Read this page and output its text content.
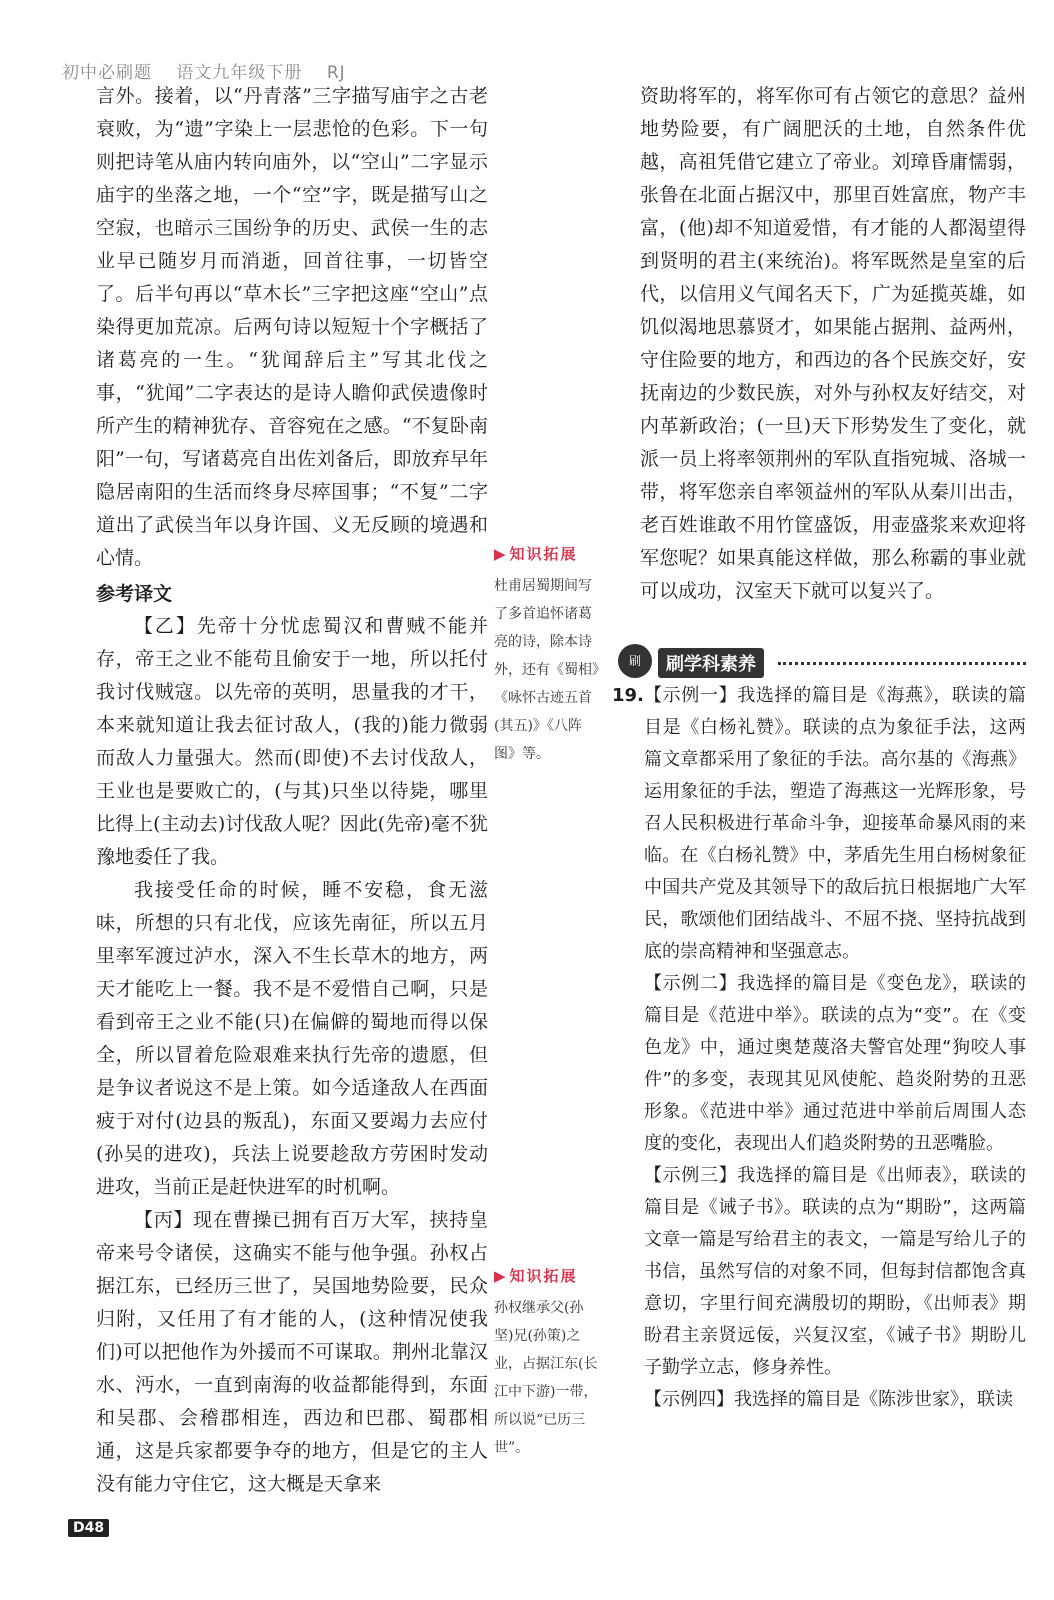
初中必刷题 语文九年级下册 RJ

言外。接着，以“丹青落”三字描写庙宇之古老衰败，为“遗”字染上一层悲怆的色彩。下一句则把诗笔从庙内转向庙外，以“空山”二字显示庙宇的坐落之地，一个“空”字，既是描写山之空寂，也暗示三国纷争的历史、武侯一生的志业早已随岁月而消逝，回首往事，一切皆空了。后半句再以“草木长”三字把这座“空山”点染得更加荒凉。后两句诗以短短十个字概括了诸葛亮的一生。“犹闻辞后主”写其北伐之事，“犹闻”二字表达的是诗人瞻仰武侯遗像时所产生的精神犹存、音容宛在之感。“不复卧南阳”一句，写诸葛亮自出佐刘备后，即放弃早年隐居南阳的生活而终身尽瘁国事；“不复”二字道出了武侯当年以身许国、义无反顾的境遇和心情。

参考译文

【乙】先帝十分忧虑蜀汉和曹贼不能并存，帝王之业不能苟且偷安于一地，所以托付我讨伐贼寇。以先帝的英明，思量我的才干，本来就知道让我去征讨敌人，(我的)能力微弱而敌人力量强大。然而(即使)不去讨伐敌人，王业也是要败亡的，(与其)只坐以待毙，哪里比得上(主动去)讨伐敌人呢？因此(先帝)毫不犹豫地委任了我。

我接受任命的时候，睡不安稳，食无滋味，所想的只有北伐，应该先南征，所以五月里率军渡过泸水，深入不生长草木的地方，两天才能吃上一餐。我不是不爱惜自己啊，只是看到帝王之业不能(只)在偏僻的蜀地而得以保全，所以冒着危险艰难来执行先帝的遗愿，但是争议者说这不是上策。如今适逢敌人在西面疲于对付(边县的叛乱)，东面又要竭力去应付(孙吴的进攻)，兵法上说要趁敌方劳困时发动进攻，当前正是赶快进军的时机啊。

【丙】现在曹操已拥有百万大军，挟持皇帝来号令诸侯，这确实不能与他争强。孙权占据江东，已经历三世了，吴国地势险要，民众归附，又任用了有才能的人，(这种情况使我们)可以把他作为外援而不可谋取。荆州北靠汉水、沔水，一直到南海的收益都能得到，东面和吴郡、会稽郡相连，西边和巴郡、蜀郡相通，这是兵家都要争夺的地方，但是它的主人没有能力守住它，这大概是天拿来

▶ 知识拓展
杜甫居蜀期间写了多首追怀诸葛亮的诗，除本诗外，还有《蜀相》《咏怀古迹五首(其五)》《八阵图》等。
▶ 知识拓展
孙权继承父(孙坚)兄(孙策)之业，占据江东(长江中下游)一带，所以说“已历三世”。

资助将军的，将军你可有占领它的意思？益州地势险要，有广阔肥沃的土地，自然条件优越，高祖凭借它建立了帝业。刘璋昏庸懦弱，张鲁在北面占据汉中，那里百姓富庶，物产丰富，(他)却不知道爱惜，有才能的人都渴望得到贤明的君主(来统治)。将军既然是皇室的后代，以信用义气闻名天下，广为延揽英雄，如饥似渴地思慕贤才，如果能占据荆、益两州，守住险要的地方，和西边的各个民族交好，安抚南边的少数民族，对外与孙权友好结交，对内革新政治；(一旦)天下形势发生了变化，就派一员上将率领荆州的军队直指宛城、洛城一带，将军您亲自率领益州的军队从秦川出击，老百姓谁敢不用竹筐盛饭，用壶盛浆来欢迎将军您呢？如果真能这样做，那么称霸的事业就可以成功，汉室天下就可以复兴了。

刷	刷学科素养
19. 【示例一】我选择的篇目是《海燕》，联读的篇目是《白杨礼赞》。联读的点为象征手法，这两篇文章都采用了象征的手法。高尔基的《海燕》运用象征的手法，塑造了海燕这一光辉形象，号召人民积极进行革命斗争，迎接革命暴风雨的来临。在《白杨礼赞》中，茅盾先生用白杨树象征中国共产党及其领导下的敌后抗日根据地广大军民，歌颂他们团结战斗、不屈不挠、坚持抗战到底的崇高精神和坚强意志。

【示例二】我选择的篇目是《变色龙》，联读的篇目是《范进中举》。联读的点为“变”。在《变色龙》中，通过奥楚蔑洛夫警官处理“狗咬人事件”的多变，表现其见风使舵、趋炎附势的丑恶形象。《范进中举》通过范进中举前后周围人态度的变化，表现出人们趋炎附势的丑恶嘴脸。

【示例三】我选择的篇目是《出师表》，联读的篇目是《诫子书》。联读的点为“期盼”，这两篇文章一篇是写给君主的表文，一篇是写给儿子的书信，虽然写信的对象不同，但每封信都饱含真意切，字里行间充满殷切的期盼，《出师表》期盼君主亲贤远佞，兴复汉室，《诫子书》期盼儿子勤学立志，修身养性。

【示例四】我选择的篇目是《陈涉世家》，联读

D48
